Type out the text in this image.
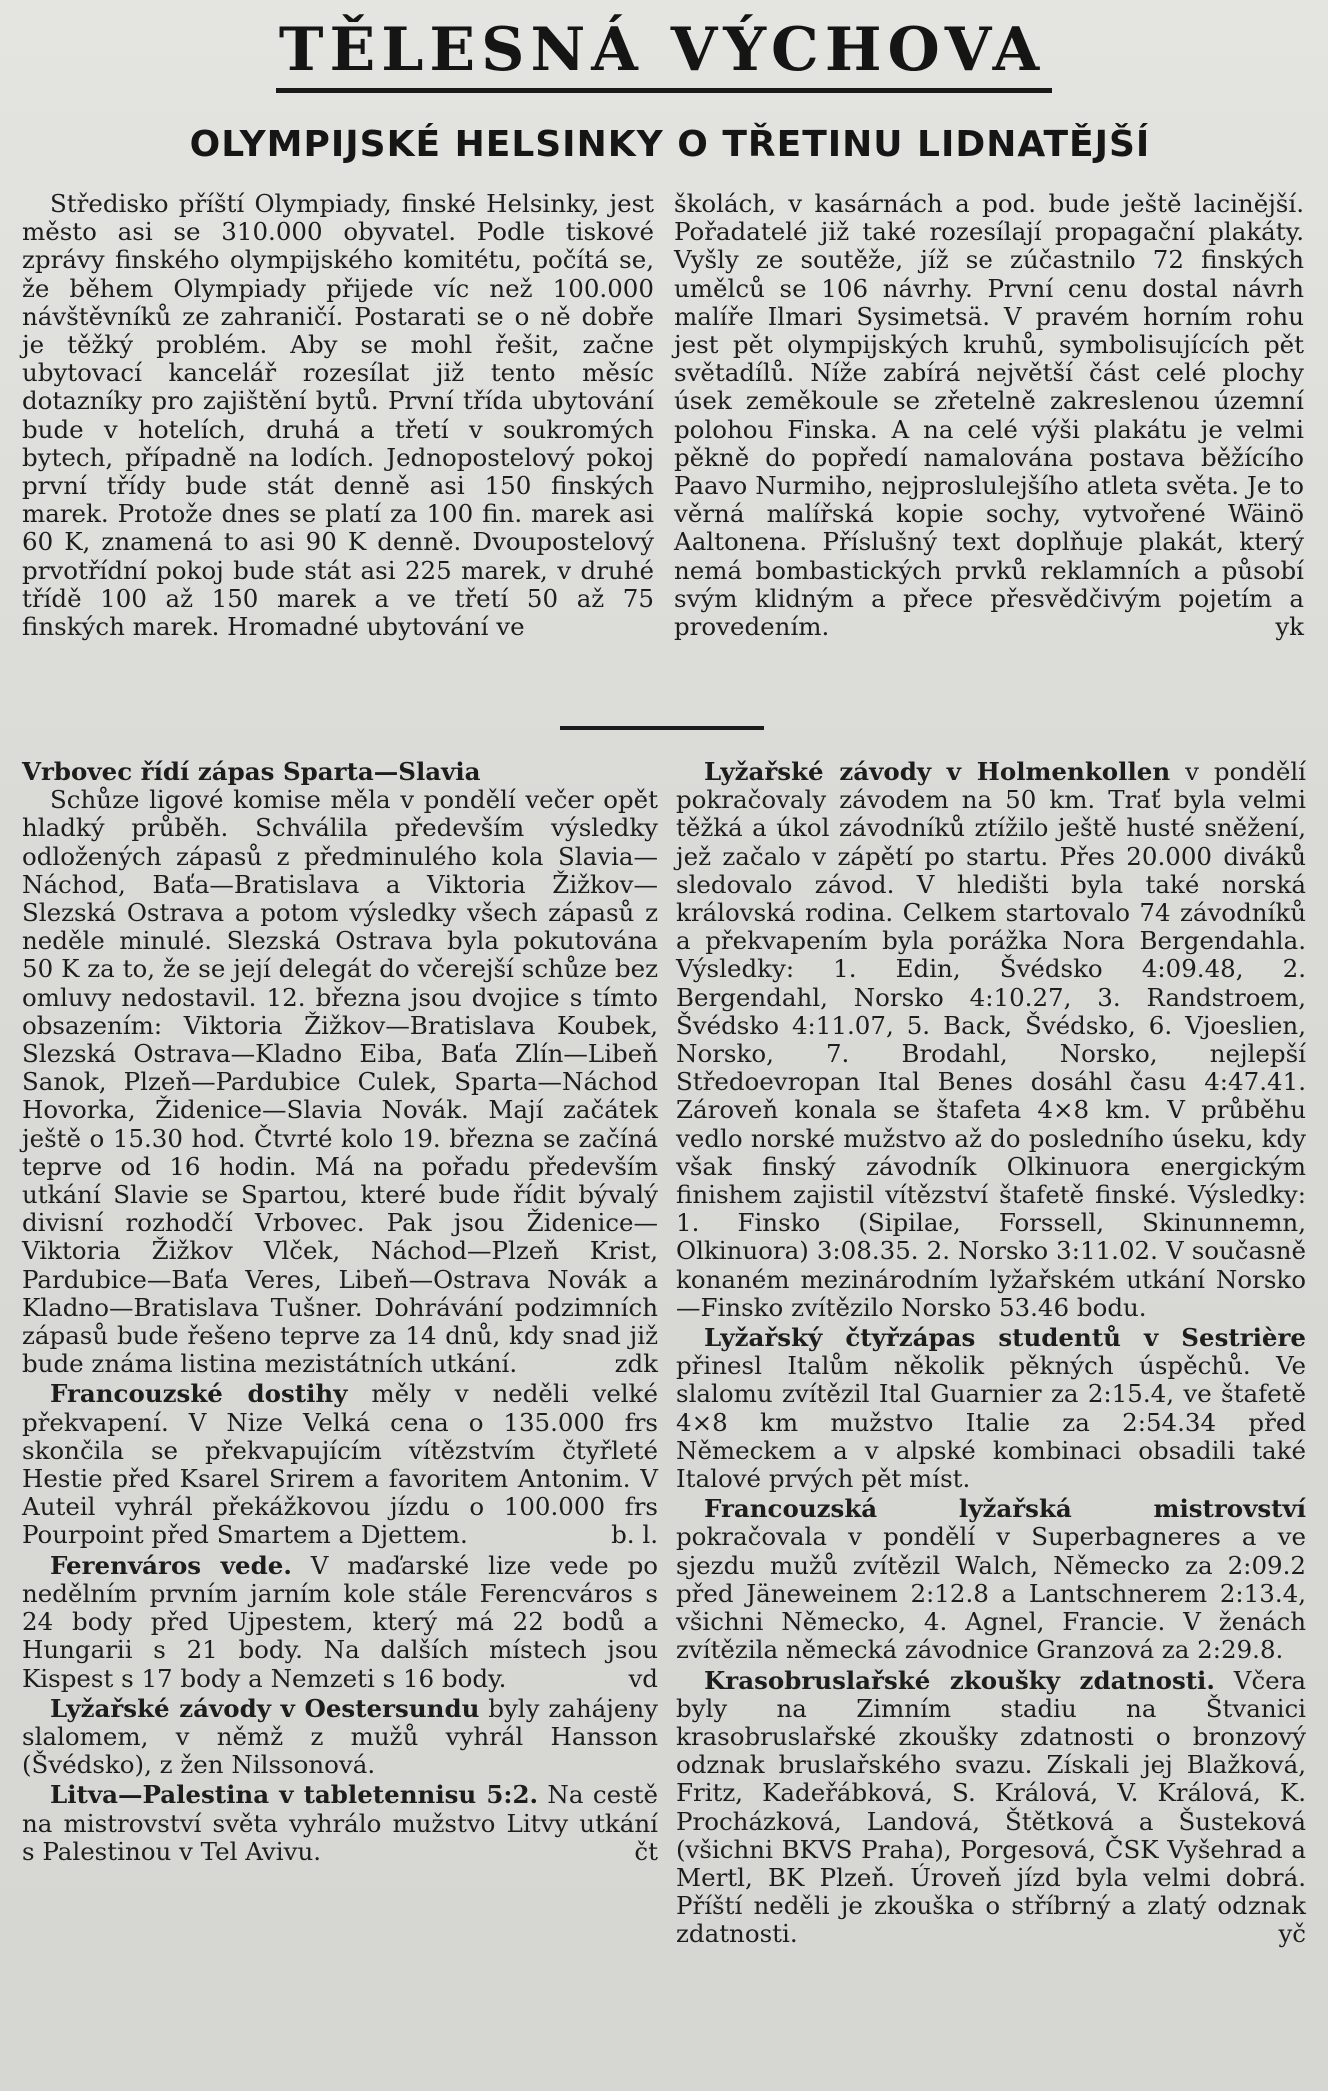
TĚLESNÁ VÝCHOVA
OLYMPIJSKÉ HELSINKY O TŘETINU LIDNATĚJŠÍ

Středisko příští Olympiady, finské Helsinky, jest město asi se 310.000 obyvatel. Podle tiskové zprávy finského olympijského komitétu, počítá se, že během Olympiady přijede víc než 100.000 návštěvníků ze zahraničí. Postarati se o ně dobře je těžký problém. Aby se mohl řešit, začne ubytovací kancelář rozesílat již tento měsíc dotazníky pro zajištění bytů. První třída ubytování bude v hotelích, druhá a třetí v soukromých bytech, případně na lodích. Jednopostelový pokoj první třídy bude stát denně asi 150 finských marek. Protože dnes se platí za 100 fin. marek asi 60 K, znamená to asi 90 K denně. Dvoupostelový prvotřídní pokoj bude stát asi 225 marek, v druhé třídě 100 až 150 marek a ve třetí 50 až 75 finských marek. Hromadné ubytování ve

školách, v kasárnách a pod. bude ještě lacinější. Pořadatelé již také rozesílají propagační plakáty. Vyšly ze soutěže, jíž se zúčastnilo 72 finských umělců se 106 návrhy. První cenu dostal návrh malíře Ilmari Sysimetsä. V pravém horním rohu jest pět olympijských kruhů, symbolisujících pět světadílů. Níže zabírá největší část celé plochy úsek zeměkoule se zřetelně zakreslenou územní polohou Finska. A na celé výši plakátu je velmi pěkně do popředí namalována postava běžícího Paavo Nurmiho, nejproslulejšího atleta světa. Je to věrná malířská kopie sochy, vytvořené Wäinö Aaltonena. Příslušný text doplňuje plakát, který nemá bombastických prvků reklamních a působí svým klidným a přece přesvědčivým pojetím a provedením.	yk

Vrbovec řídí zápas Sparta—Slavia

Schůze ligové komise měla v pondělí večer opět hladký průběh. Schválila především výsledky odložených zápasů z předminulého kola Slavia—Náchod, Baťa—Bratislava a Viktoria Žižkov—Slezská Ostrava a potom výsledky všech zápasů z neděle minulé. Slezská Ostrava byla pokutována 50 K za to, že se její delegát do včerejší schůze bez omluvy nedostavil. 12. března jsou dvojice s tímto obsazením: Viktoria Žižkov—Bratislava Koubek, Slezská Ostrava—Kladno Eiba, Baťa Zlín—Libeň Sanok, Plzeň—Pardubice Culek, Sparta—Náchod Hovorka, Židenice—Slavia Novák. Mají začátek ještě o 15.30 hod. Čtvrté kolo 19. března se začíná teprve od 16 hodin. Má na pořadu především utkání Slavie se Spartou, které bude řídit bývalý divisní rozhodčí Vrbovec. Pak jsou Židenice—Viktoria Žižkov Vlček, Náchod—Plzeň Krist, Pardubice—Baťa Veres, Libeň—Ostrava Novák a Kladno—Bratislava Tušner. Dohrávání podzimních zápasů bude řešeno teprve za 14 dnů, kdy snad již bude známa listina mezistátních utkání.	zdk

Francouzské dostihy měly v neděli velké překvapení. V Nize Velká cena o 135.000 frs skončila se překvapujícím vítězstvím čtyřleté Hestie před Ksarel Srirem a favoritem Antonim. V Auteil vyhrál překážkovou jízdu o 100.000 frs Pourpoint před Smartem a Djettem.	b. l.

Ferenváros vede. V maďarské lize vede po nedělním prvním jarním kole stále Ferencváros s 24 body před Ujpestem, který má 22 bodů a Hungarii s 21 body. Na dalších místech jsou Kispest s 17 body a Nemzeti s 16 body.	vd

Lyžařské závody v Oestersundu byly zahájeny slalomem, v němž z mužů vyhrál Hansson (Švédsko), z žen Nilssonová.

Litva—Palestina v tabletennisu 5:2. Na cestě na mistrovství světa vyhrálo mužstvo Litvy utkání s Palestinou v Tel Avivu.	čt

Lyžařské závody v Holmenkollen v pondělí pokračovaly závodem na 50 km. Trať byla velmi těžká a úkol závodníků ztížilo ještě husté sněžení, jež začalo v zápětí po startu. Přes 20.000 diváků sledovalo závod. V hledišti byla také norská královská rodina. Celkem startovalo 74 závodníků a překvapením byla porážka Nora Bergendahla. Výsledky: 1. Edin, Švédsko 4:09.48, 2. Bergendahl, Norsko 4:10.27, 3. Randstroem, Švédsko 4:11.07, 5. Back, Švédsko, 6. Vjoeslien, Norsko, 7. Brodahl, Norsko, nejlepší Středoevropan Ital Benes dosáhl času 4:47.41. Zároveň konala se štafeta 4×8 km. V průběhu vedlo norské mužstvo až do posledního úseku, kdy však finský závodník Olkinuora energickým finishem zajistil vítězství štafetě finské. Výsledky: 1. Finsko (Sipilae, Forssell, Skinunnemn, Olkinuora) 3:08.35. 2. Norsko 3:11.02. V současně konaném mezinárodním lyžařském utkání Norsko—Finsko zvítězilo Norsko 53.46 bodu.

Lyžařský čtyřzápas studentů v Sestrière přinesl Italům několik pěkných úspěchů. Ve slalomu zvítězil Ital Guarnier za 2:15.4, ve štafetě 4×8 km mužstvo Italie za 2:54.34 před Německem a v alpské kombinaci obsadili také Italové prvých pět míst.

Francouzská lyžařská mistrovství pokračovala v pondělí v Superbagneres a ve sjezdu mužů zvítězil Walch, Německo za 2:09.2 před Jäneweinem 2:12.8 a Lantschnerem 2:13.4, všichni Německo, 4. Agnel, Francie. V ženách zvítězila německá závodnice Granzová za 2:29.8.

Krasobruslařské zkoušky zdatnosti. Včera byly na Zimním stadiu na Štvanici krasobruslařské zkoušky zdatnosti o bronzový odznak bruslařského svazu. Získali jej Blažková, Fritz, Kadeřábková, S. Králová, V. Králová, K. Procházková, Landová, Štětková a Šusteková (všichni BKVS Praha), Porgesová, ČSK Vyšehrad a Mertl, BK Plzeň. Úroveň jízd byla velmi dobrá. Příští neděli je zkouška o stříbrný a zlatý odznak zdatnosti.	yč
